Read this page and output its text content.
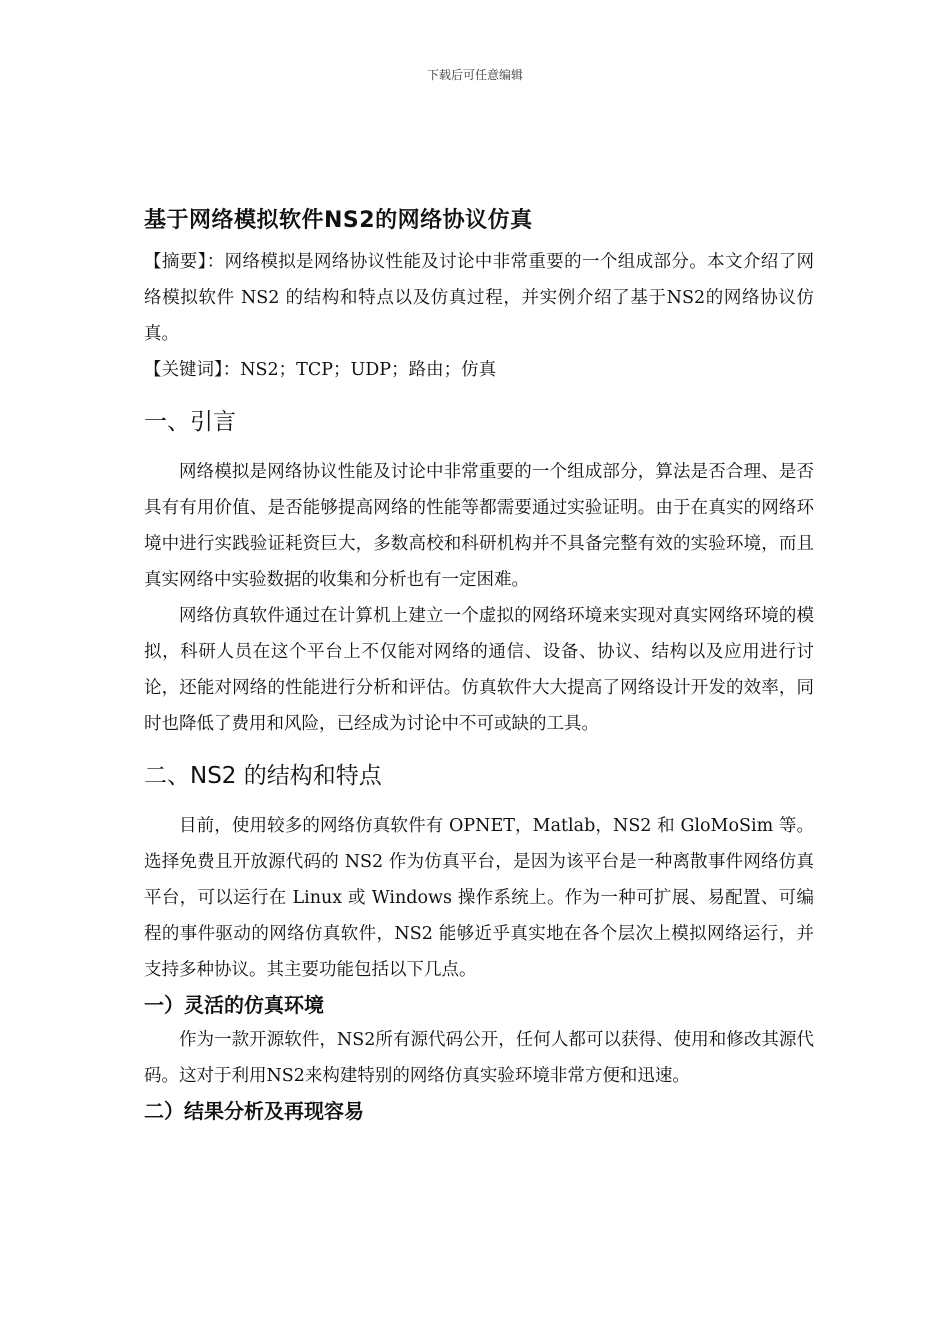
下载后可任意编辑
基于网络模拟软件NS2的网络协议仿真

【摘要】：网络模拟是网络协议性能及讨论中非常重要的一个组成部分。本文介绍了网络模拟软件 NS2 的结构和特点以及仿真过程，并实例介绍了基于NS2的网络协议仿真。

【关键词】：NS2；TCP；UDP；路由；仿真

一、引言

网络模拟是网络协议性能及讨论中非常重要的一个组成部分，算法是否合理、是否具有有用价值、是否能够提高网络的性能等都需要通过实验证明。由于在真实的网络环境中进行实践验证耗资巨大，多数高校和科研机构并不具备完整有效的实验环境，而且真实网络中实验数据的收集和分析也有一定困难。

网络仿真软件通过在计算机上建立一个虚拟的网络环境来实现对真实网络环境的模拟，科研人员在这个平台上不仅能对网络的通信、设备、协议、结构以及应用进行讨论，还能对网络的性能进行分析和评估。仿真软件大大提高了网络设计开发的效率，同时也降低了费用和风险，已经成为讨论中不可或缺的工具。

二、NS2 的结构和特点

目前，使用较多的网络仿真软件有 OPNET，Matlab，NS2 和 GloMoSim 等。选择免费且开放源代码的 NS2 作为仿真平台，是因为该平台是一种离散事件网络仿真平台，可以运行在 Linux 或 Windows 操作系统上。作为一种可扩展、易配置、可编程的事件驱动的网络仿真软件，NS2 能够近乎真实地在各个层次上模拟网络运行，并支持多种协议。其主要功能包括以下几点。

一）灵活的仿真环境

作为一款开源软件，NS2所有源代码公开，任何人都可以获得、使用和修改其源代码。这对于利用NS2来构建特别的网络仿真实验环境非常方便和迅速。

二）结果分析及再现容易
